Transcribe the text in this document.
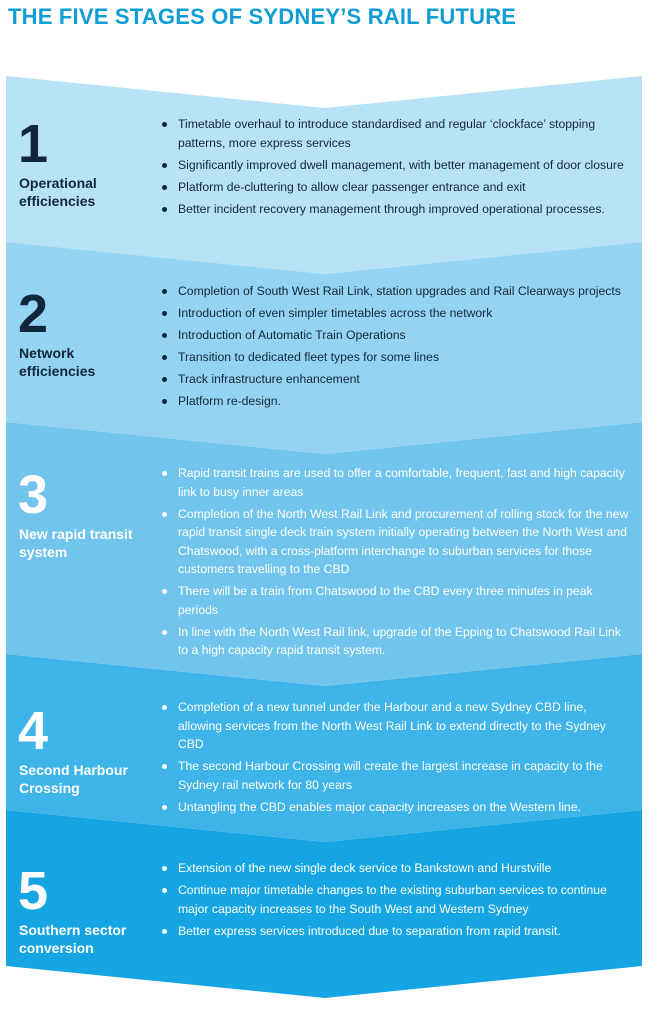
THE FIVE STAGES OF SYDNEY’S RAIL FUTURE
1
Operational efficiencies
Timetable overhaul to introduce standardised and regular ‘clockface’ stopping patterns, more express services
Significantly improved dwell management, with better management of door closure
Platform de-cluttering to allow clear passenger entrance and exit
Better incident recovery management through improved operational processes.
2
Network efficiencies
Completion of South West Rail Link, station upgrades and Rail Clearways projects
Introduction of even simpler timetables across the network
Introduction of Automatic Train Operations
Transition to dedicated fleet types for some lines
Track infrastructure enhancement
Platform re-design.
3
New rapid transit system
Rapid transit trains are used to offer a comfortable, frequent, fast and high capacity link to busy inner areas
Completion of the North West Rail Link and procurement of rolling stock for the new rapid transit single deck train system initially operating between the North West and Chatswood, with a cross-platform interchange to suburban services for those customers travelling to the CBD
There will be a train from Chatswood to the CBD every three minutes in peak periods
In line with the North West Rail link, upgrade of the Epping to Chatswood Rail Link to a high capacity rapid transit system.
4
Second Harbour Crossing
Completion of a new tunnel under the Harbour and a new Sydney CBD line, allowing services from the North West Rail Link to extend directly to the Sydney CBD
The second Harbour Crossing will create the largest increase in capacity to the Sydney rail network for 80 years
Untangling the CBD enables major capacity increases on the Western line.
5
Southern sector conversion
Extension of the new single deck service to Bankstown and Hurstville
Continue major timetable changes to the existing suburban services to continue major capacity increases to the South West and Western Sydney
Better express services introduced due to separation from rapid transit.
